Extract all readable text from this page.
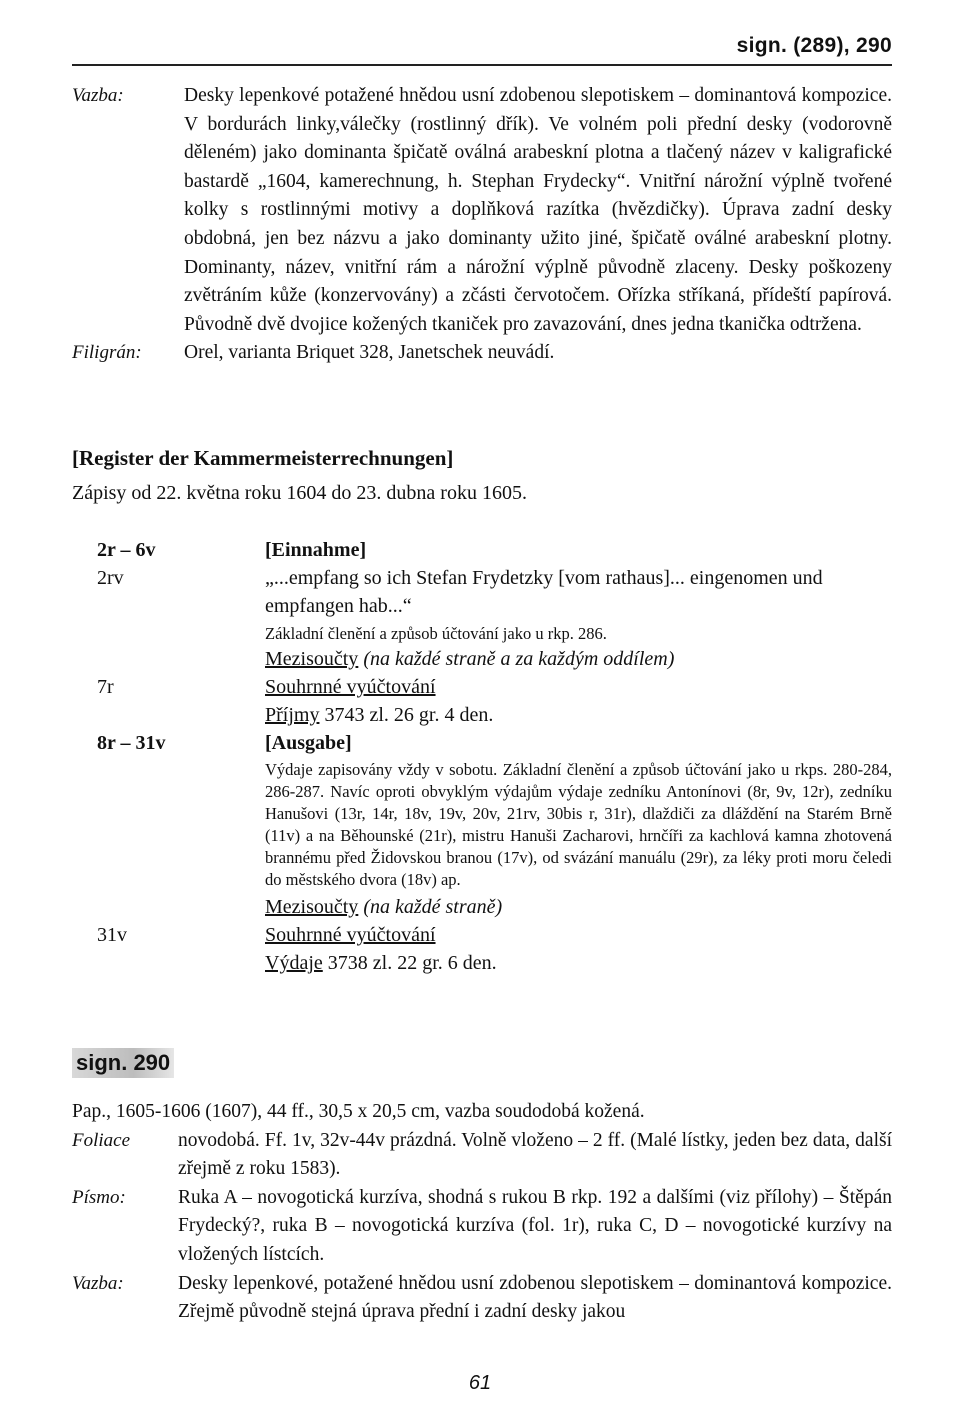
sign. (289), 290
Vazba:	Desky lepenkové potažené hnědou usní zdobenou slepotiskem – dominantová kompozice. V bordurách linky,válečky (rostlinný dřík). Ve volném poli přední desky (vodorovně děleném) jako dominanta špičatě oválná arabeskní plotna a tlačený název v kaligrafické bastardě „1604, kamerechnung, h. Stephan Frydecky“. Vnitřní nárožní výplně tvořené kolky s rostlinnými motivy a doplňková razítka (hvězdičky). Úprava zadní desky obdobná, jen bez názvu a jako dominanty užito jiné, špičatě oválné arabeskní plotny. Dominanty, název, vnitřní rám a nárožní výplně původně zlaceny. Desky poškozeny zvětráním kůže (konzervovány) a zčásti červotočem. Ořízka stříkaná, přídeští papírová. Původně dvě dvojice kožených tkaniček pro zavazování, dnes jedna tkanička odtržena.
Filigrán:	Orel, varianta Briquet 328, Janetschek neuvádí.
[Register der Kammermeisterrechnungen]
Zápisy od 22. května roku 1604 do 23. dubna roku 1605.
2r – 6v	[Einnahme]
2rv	„...empfang so ich Stefan Frydetzky [vom rathaus]... eingenomen und empfangen hab...“
Základní členění a způsob účtování jako u rkp. 286.
Mezisoučty (na každé straně a za každým oddílem)
7r	Souhrnné vyúčtování
Příjmy 3743 zl. 26 gr. 4 den.
8r – 31v	[Ausgabe]
Výdaje zapisovány vždy v sobotu. Základní členění a způsob účtování jako u rkps. 280-284, 286-287. Navíc oproti obvyklým výdajům výdaje zedníku Antonínovi (8r, 9v, 12r), zedníku Hanušovi (13r, 14r, 18v, 19v, 20v, 21rv, 30bis r, 31r), dlaždiči za dláždění na Starém Brně (11v) a na Běhounské (21r), mistru Hanuši Zacharovi, hrnčíři za kachlová kamna zhotovená brannému před Židovskou branou (17v), od svázání manuálu (29r), za léky proti moru čeledi do městského dvora (18v) ap.
Mezisoučty (na každé straně)
31v	Souhrnné vyúčtování
Výdaje 3738 zl. 22 gr. 6 den.
sign. 290
Pap., 1605-1606 (1607), 44 ff., 30,5 x 20,5 cm, vazba soudodobá kožená.
Foliace	novodobá. Ff. 1v, 32v-44v prázdná. Volně vloženo – 2 ff. (Malé lístky, jeden bez data, další zřejmě z roku 1583).
Písmo:	Ruka A – novogotická kurzíva, shodná s rukou B rkp. 192 a dalšími (viz přílohy) – Štěpán Frydecký?, ruka B – novogotická kurzíva (fol. 1r), ruka C, D – novogotické kurzívy na vložených lístcích.
Vazba:	Desky lepenkové, potažené hnědou usní zdobenou slepotiskem – dominantová kompozice. Zřejmě původně stejná úprava přední i zadní desky jakou
61
